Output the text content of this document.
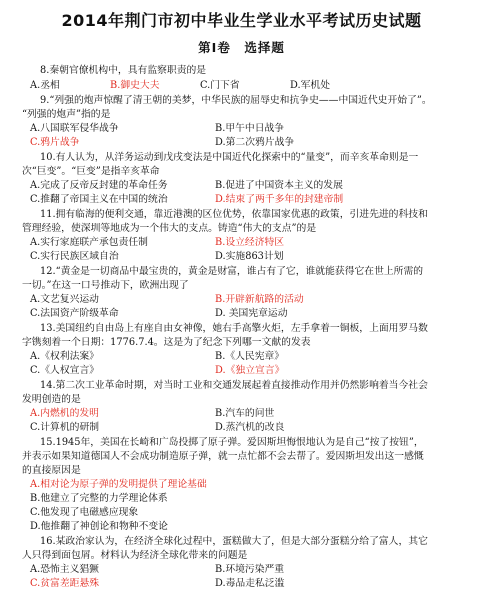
2014年荆门市初中毕业生学业水平考试历史试题
第Ⅰ卷　选择题
8.秦朝官僚机构中，具有监察职责的是
A.丞相	B.御史大夫	C.门下省	D.军机处
9.“列强的炮声惊醒了清王朝的美梦，中华民族的屈辱史和抗争史——中国近代史开始了”。
“列强的炮声”指的是
A.八国联军侵华战争	B.甲午中日战争
C.鸦片战争	D.第二次鸦片战争
10.有人认为，从洋务运动到戊戌变法是中国近代化探索中的“量变”，而辛亥革命则是一
次“巨变”。“巨变”是指辛亥革命
A.完成了反帝反封建的革命任务	B.促进了中国资本主义的发展
C.推翻了帝国主义在中国的统治	D.结束了两千多年的封建帝制
11.拥有临海的便利交通，靠近港澳的区位优势，依靠国家优惠的政策，引进先进的科技和
管理经验，使深圳等地成为一个伟大的支点。铸造“伟大的支点”的是
A.实行家庭联产承包责任制	B.设立经济特区
C.实行民族区域自治	D.实施863计划
12.“黄金是一切商品中最宝贵的，黄金是财富，谁占有了它，谁就能获得它在世上所需的
一切。”在这一口号推动下，欧洲出现了
A.文艺复兴运动	B.开辟新航路的活动
C.法国资产阶级革命	D. 美国宪章运动
13.美国纽约自由岛上有座自由女神像，她右手高擎火炬，左手拿着一铜板，上面用罗马数
字镌刻着一个日期：1776.7.4。这是为了纪念下列哪一文献的发表
A.《权利法案》	B.《人民宪章》
C.《人权宣言》	D.《独立宣言》
14.第二次工业革命时期，对当时工业和交通发展起着直接推动作用并仍然影响着当今社会
发明创造的是
A.内燃机的发明	B.汽车的问世
C.计算机的研制	D.蒸汽机的改良
15.1945年，美国在长崎和广岛投掷了原子弹。爱因斯坦悔恨地认为是自己“按了按钮”，
并表示如果知道德国人不会成功制造原子弹，就一点忙都不会去帮了。爱因斯坦发出这一感慨
的直接原因是
A.相对论为原子弹的发明提供了理论基础
B.他建立了完整的力学理论体系
C.他发现了电磁感应现象
D.他推翻了神创论和物种不变论
16.某政治家认为，在经济全球化过程中，蛋糕做大了，但是大部分蛋糕分给了富人，其它
人只得到面包屑。材料认为经济全球化带来的问题是
A.恐怖主义猖獗	B.环境污染严重
C.贫富差距悬殊	D.毒品走私泛滥
